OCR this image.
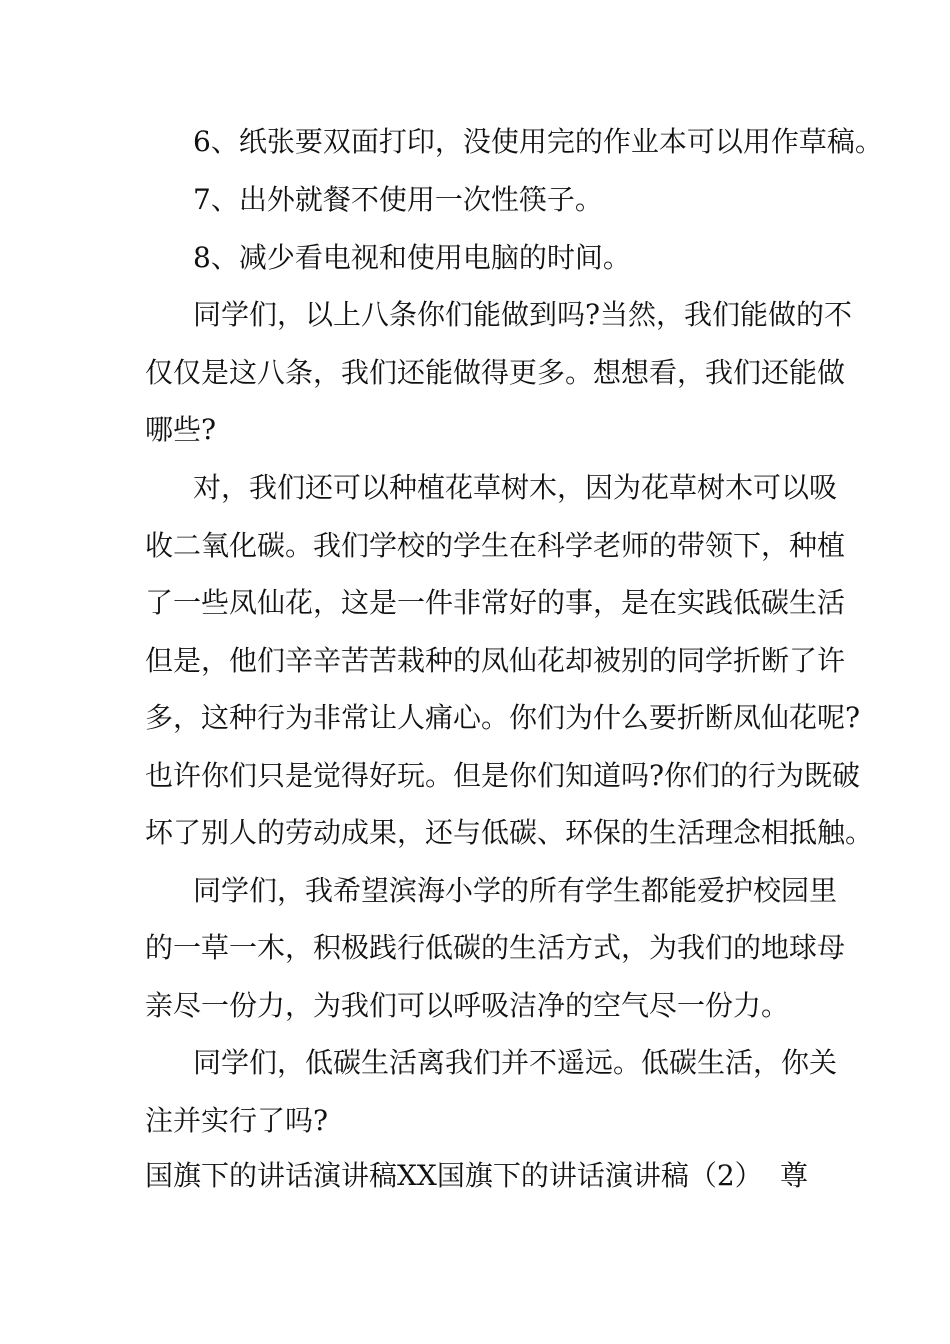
6、纸张要双面打印，没使用完的作业本可以用作草稿。
7、出外就餐不使用一次性筷子。
8、减少看电视和使用电脑的时间。
同学们，以上八条你们能做到吗?当然，我们能做的不
仅仅是这八条，我们还能做得更多。想想看，我们还能做
哪些?
对，我们还可以种植花草树木，因为花草树木可以吸
收二氧化碳。我们学校的学生在科学老师的带领下，种植
了一些凤仙花，这是一件非常好的事，是在实践低碳生活
但是，他们辛辛苦苦栽种的凤仙花却被别的同学折断了许
多，这种行为非常让人痛心。你们为什么要折断凤仙花呢?
也许你们只是觉得好玩。但是你们知道吗?你们的行为既破
坏了别人的劳动成果，还与低碳、环保的生活理念相抵触。
同学们，我希望滨海小学的所有学生都能爱护校园里
的一草一木，积极践行低碳的生活方式，为我们的地球母
亲尽一份力，为我们可以呼吸洁净的空气尽一份力。
同学们，低碳生活离我们并不遥远。低碳生活，你关
注并实行了吗?
国旗下的讲话演讲稿XX国旗下的讲话演讲稿（2） 尊
